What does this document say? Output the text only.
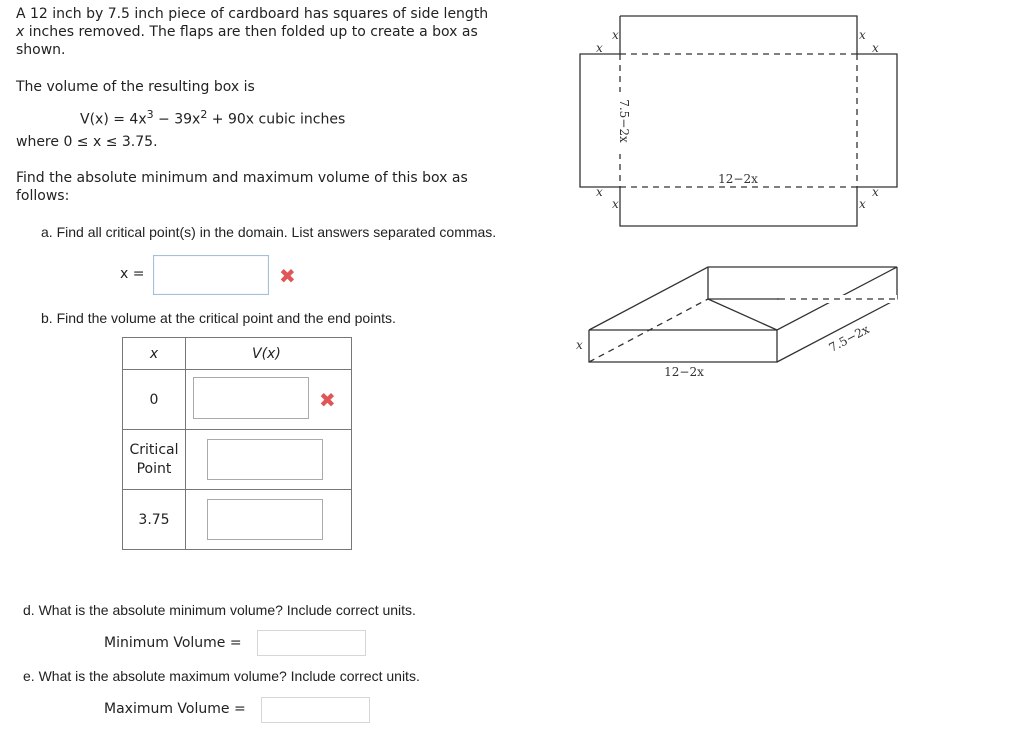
A 12 inch by 7.5 inch piece of cardboard has squares of side length
x inches removed. The flaps are then folded up to create a box as
shown.
The volume of the resulting box is
$V(x) = 4x^3 - 39x^2 + 90x$ cubic inches
where 0 ≤ x ≤ 3.75.
Find the absolute minimum and maximum volume of this box as
follows:
a. Find all critical point(s) in the domain. List answers separated commas.
x =	✖
b. Find the volume at the critical point and the end points.
x	V(x)
0	✖

Critical
Point

3.75	
d. What is the absolute minimum volume? Include correct units.
Minimum Volume =
e. What is the absolute maximum volume? Include correct units.
Maximum Volume =
12−2x
7.5−2x
x
x
x
x
x
x
x
x
x
12−2x
7.5−2x
